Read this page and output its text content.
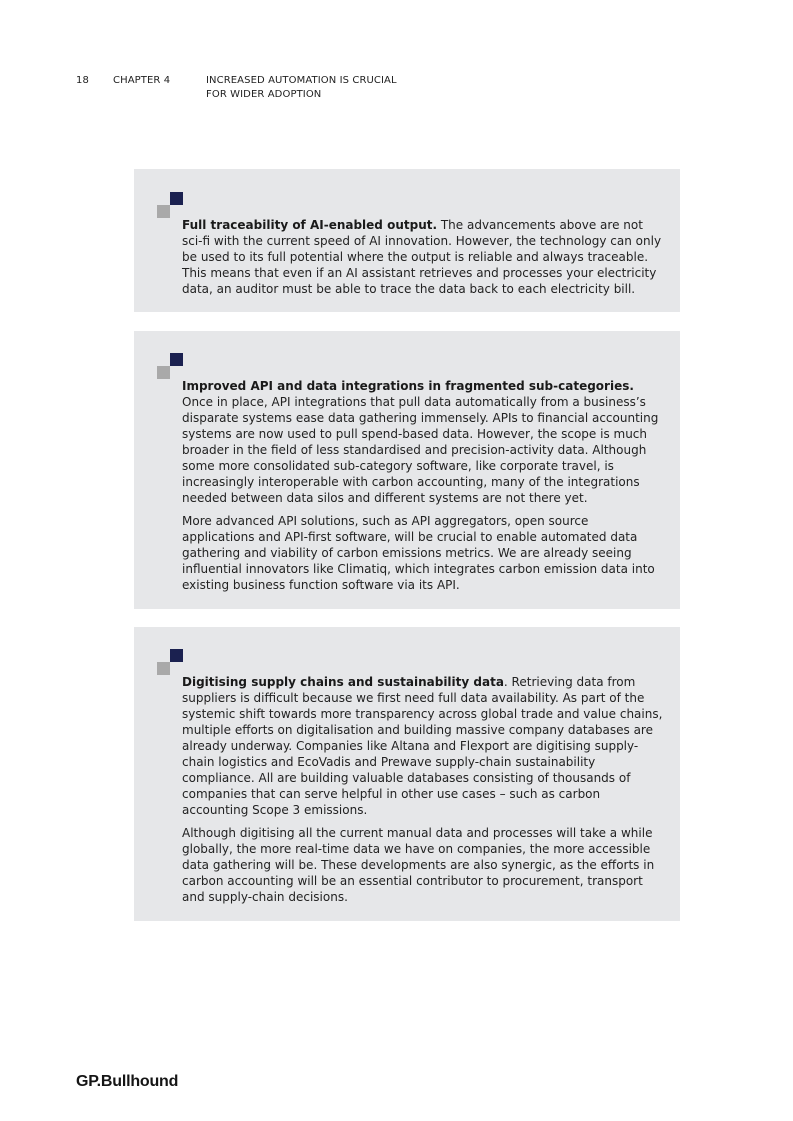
18 CHAPTER 4	INCREASED AUTOMATION IS CRUCIAL
FOR WIDER ADOPTION

Full traceability of AI-enabled output. The advancements above are not sci-fi with the current speed of AI innovation. However, the technology can only be used to its full potential where the output is reliable and always traceable. This means that even if an AI assistant retrieves and processes your electricity data, an auditor must be able to trace the data back to each electricity bill.

Improved API and data integrations in fragmented sub-categories. Once in place, API integrations that pull data automatically from a business’s disparate systems ease data gathering immensely. APIs to financial accounting systems are now used to pull spend-based data. However, the scope is much broader in the field of less standardised and precision-activity data. Although some more consolidated sub-category software, like corporate travel, is increasingly interoperable with carbon accounting, many of the integrations needed between data silos and different systems are not there yet.

More advanced API solutions, such as API aggregators, open source applications and API-first software, will be crucial to enable automated data gathering and viability of carbon emissions metrics. We are already seeing influential innovators like Climatiq, which integrates carbon emission data into existing business function software via its API.

Digitising supply chains and sustainability data. Retrieving data from suppliers is difficult because we first need full data availability. As part of the systemic shift towards more transparency across global trade and value chains, multiple efforts on digitalisation and building massive company databases are already underway. Companies like Altana and Flexport are digitising supply-chain logistics and EcoVadis and Prewave supply-chain sustainability compliance. All are building valuable databases consisting of thousands of companies that can serve helpful in other use cases – such as carbon accounting Scope 3 emissions.

Although digitising all the current manual data and processes will take a while globally, the more real-time data we have on companies, the more accessible data gathering will be. These developments are also synergic, as the efforts in carbon accounting will be an essential contributor to procurement, transport and supply-chain decisions.

GP.Bullhound
